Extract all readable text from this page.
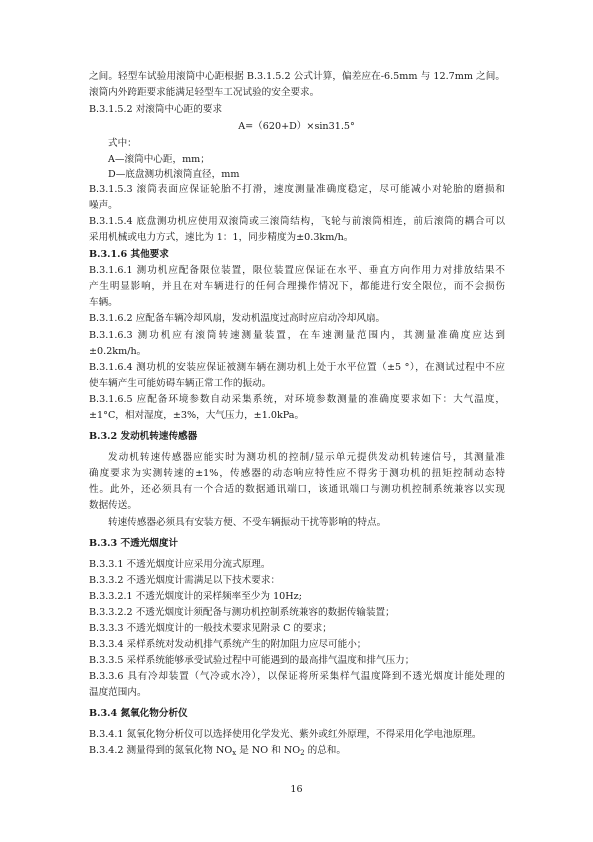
之间。轻型车试验用滚筒中心距根据 B.3.1.5.2 公式计算，偏差应在-6.5mm 与 12.7mm 之间。
滚筒内外跨距要求能满足轻型车工况试验的安全要求。
B.3.1.5.2 对滚筒中心距的要求
A=（620+D）×sin31.5°
式中：
A—滚筒中心距，mm；
D—底盘测功机滚筒直径，mm
B.3.1.5.3 滚筒表面应保证轮胎不打滑，速度测量准确度稳定，尽可能减小对轮胎的磨损和
噪声。
B.3.1.5.4 底盘测功机应使用双滚筒或三滚筒结构，飞轮与前滚筒相连，前后滚筒的耦合可以
采用机械或电力方式，速比为 1：1，同步精度为±0.3km/h。
B.3.1.6 其他要求
B.3.1.6.1 测功机应配备限位装置，限位装置应保证在水平、垂直方向作用力对排放结果不
产生明显影响，并且在对车辆进行的任何合理操作情况下，都能进行安全限位，而不会损伤
车辆。
B.3.1.6.2 应配备车辆冷却风扇，发动机温度过高时应启动冷却风扇。
B.3.1.6.3 测功机应有滚筒转速测量装置，在车速测量范围内，其测量准确度应达到
±0.2km/h。
B.3.1.6.4 测功机的安装应保证被测车辆在测功机上处于水平位置（±5 °），在测试过程中不应
使车辆产生可能妨碍车辆正常工作的振动。
B.3.1.6.5 应配备环境参数自动采集系统，对环境参数测量的准确度要求如下：大气温度，
±1°C，相对湿度，±3%，大气压力，±1.0kPa。
B.3.2 发动机转速传感器
发动机转速传感器应能实时为测功机的控制/显示单元提供发动机转速信号，其测量准
确度要求为实测转速的±1%，传感器的动态响应特性应不得劣于测功机的扭矩控制动态特
性。此外，还必须具有一个合适的数据通讯端口，该通讯端口与测功机控制系统兼容以实现
数据传送。
转速传感器必须具有安装方便、不受车辆振动干扰等影响的特点。
B.3.3 不透光烟度计
B.3.3.1 不透光烟度计应采用分流式原理。
B.3.3.2 不透光烟度计需满足以下技术要求：
B.3.3.2.1 不透光烟度计的采样频率至少为 10Hz;
B.3.3.2.2 不透光烟度计须配备与测功机控制系统兼容的数据传输装置；
B.3.3.3 不透光烟度计的一般技术要求见附录 C 的要求；
B.3.3.4 采样系统对发动机排气系统产生的附加阻力应尽可能小；
B.3.3.5 采样系统能够承受试验过程中可能遇到的最高排气温度和排气压力；
B.3.3.6 具有冷却装置（气冷或水冷），以保证将所采集样气温度降到不透光烟度计能处理的
温度范围内。
B.3.4 氮氧化物分析仪
B.3.4.1 氮氧化物分析仪可以选择使用化学发光、紫外或红外原理，不得采用化学电池原理。
B.3.4.2 测量得到的氮氧化物 $NO_x$ 是 NO 和 $NO_2$ 的总和。
16
